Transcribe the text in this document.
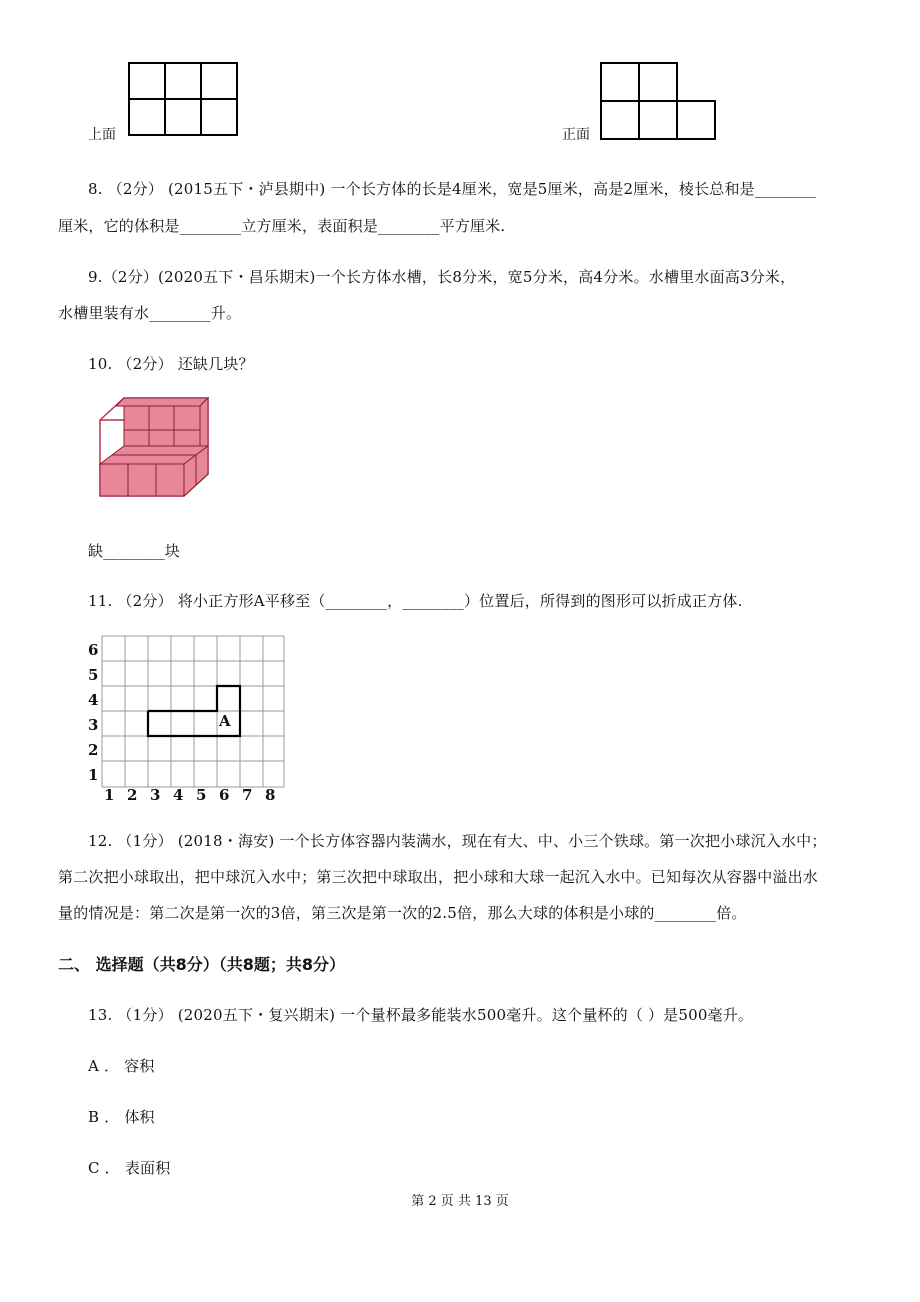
上面	正面
8. （2分） (2015五下・泸县期中) 一个长方体的长是4厘米，宽是5厘米，高是2厘米，棱长总和是________
厘米，它的体积是________立方厘米，表面积是________平方厘米.
9.（2分）(2020五下・昌乐期末)一个长方体水槽，长8分米，宽5分米，高4分米。水槽里水面高3分米，
水槽里装有水________升。
10. （2分） 还缺几块？
缺________块
11. （2分） 将小正方形A平移至（________，________）位置后，所得到的图形可以折成正方体.
6
5
4
3
2
1
A
1 2 3 4 5 6 7 8
12. （1分） (2018・海安) 一个长方体容器内装满水，现在有大、中、小三个铁球。第一次把小球沉入水中；
第二次把小球取出，把中球沉入水中；第三次把中球取出，把小球和大球一起沉入水中。已知每次从容器中溢出水
量的情况是：第二次是第一次的3倍，第三次是第一次的2.5倍，那么大球的体积是小球的________倍。
二、 选择题（共8分）（共8题；共8分）
13. （1分） (2020五下・复兴期末) 一个量杯最多能装水500毫升。这个量杯的（ ）是500毫升。
A ． 容积
B ． 体积
C ． 表面积
第 2 页 共 13 页
